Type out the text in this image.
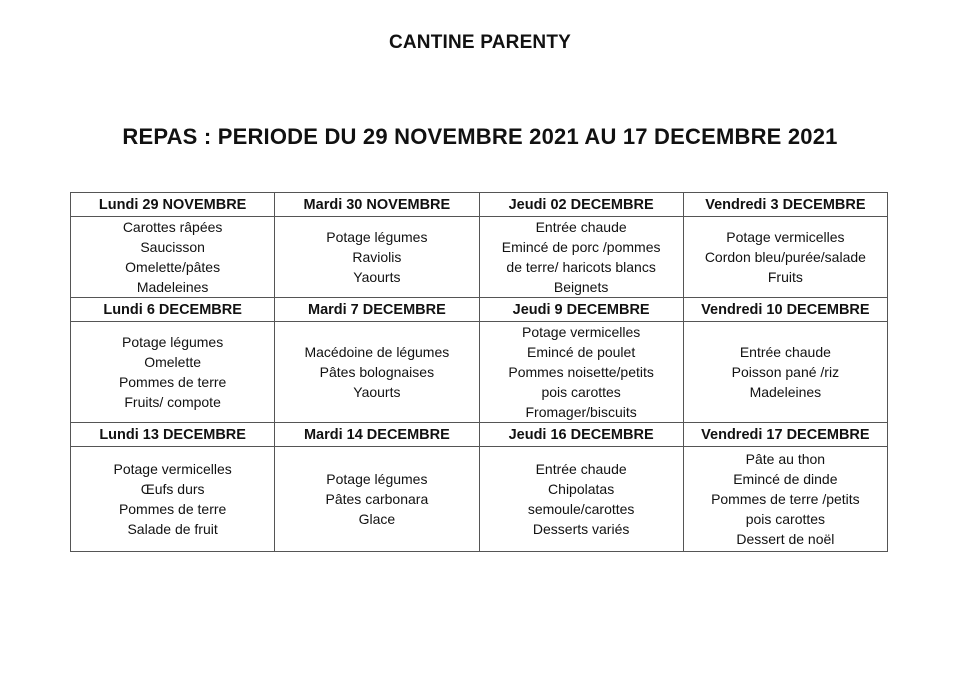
CANTINE PARENTY
REPAS : PERIODE DU 29 NOVEMBRE 2021 AU 17 DECEMBRE 2021
Lundi 29 NOVEMBRE	Mardi 30 NOVEMBRE	Jeudi 02 DECEMBRE	Vendredi 3 DECEMBRE

Carottes râpées
Saucisson
Omelette/pâtes
Madeleines	Potage légumes
Raviolis
Yaourts	Entrée chaude
Emincé de porc /pommes
de terre/ haricots blancs
Beignets	Potage vermicelles
Cordon bleu/purée/salade
Fruits

Lundi 6 DECEMBRE	Mardi 7 DECEMBRE	Jeudi 9 DECEMBRE	Vendredi 10 DECEMBRE

Potage légumes
Omelette
Pommes de terre
Fruits/ compote	Macédoine de légumes
Pâtes bolognaises
Yaourts	Potage vermicelles
Emincé de poulet
Pommes noisette/petits
pois carottes
Fromager/biscuits	Entrée chaude
Poisson pané /riz
Madeleines

Lundi 13 DECEMBRE	Mardi 14 DECEMBRE	Jeudi 16 DECEMBRE	Vendredi 17 DECEMBRE

Potage vermicelles
Œufs durs
Pommes de terre
Salade de fruit	Potage légumes
Pâtes carbonara
Glace	Entrée chaude
Chipolatas
semoule/carottes
Desserts variés	Pâte au thon
Emincé de dinde
Pommes de terre /petits
pois carottes
Dessert de noël
